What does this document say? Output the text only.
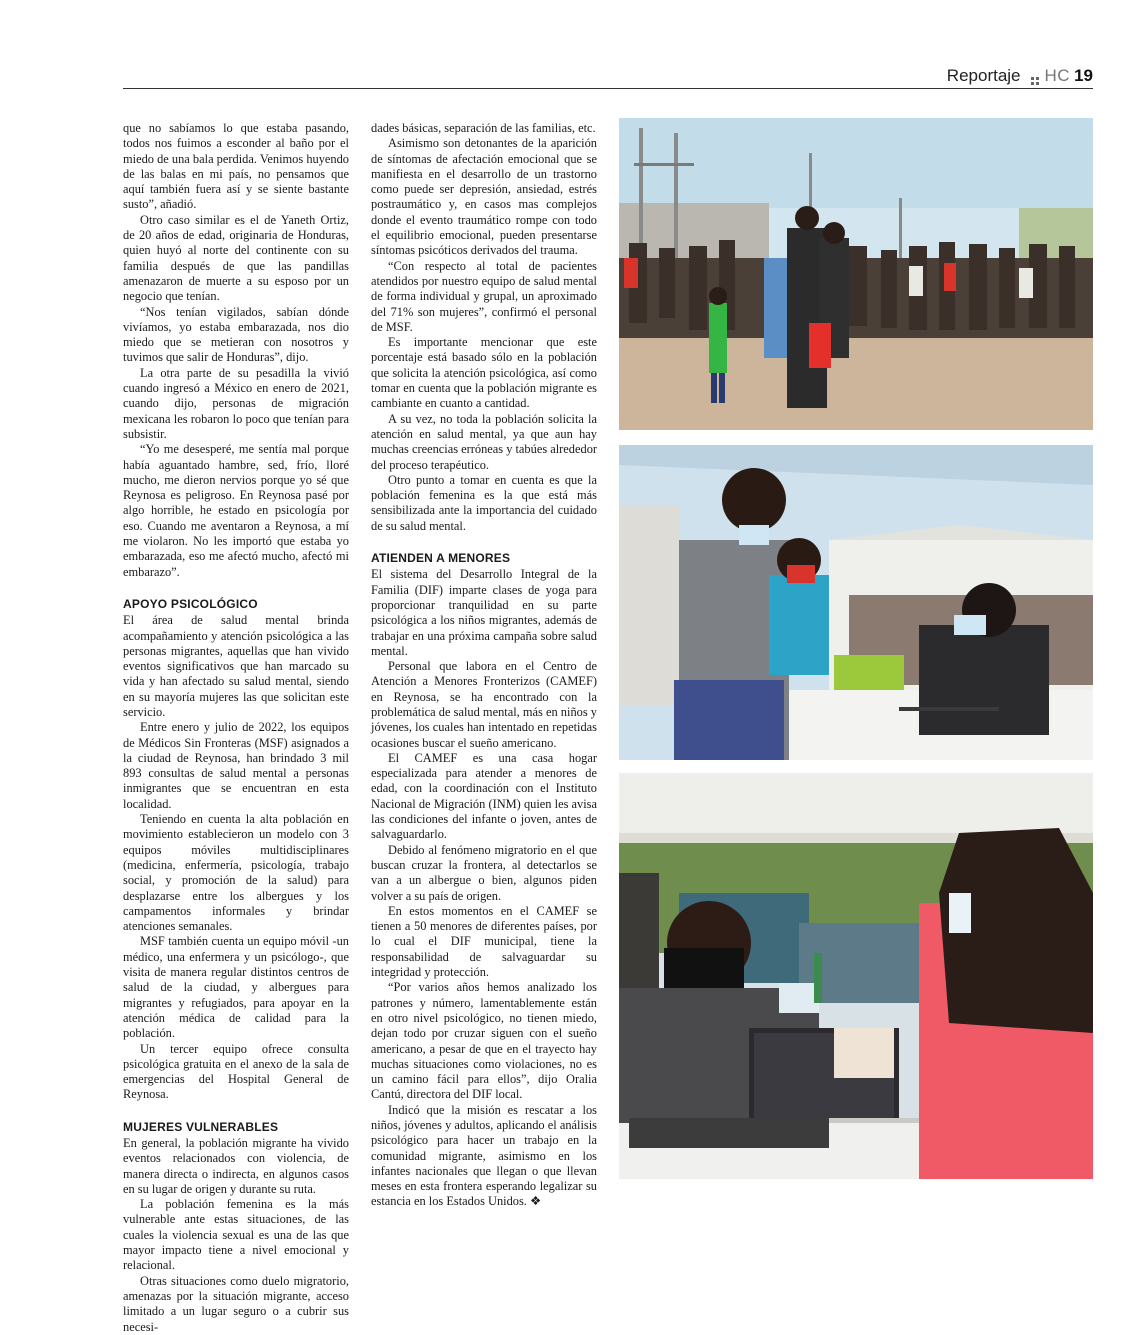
Reportaje HC 19

que no sabíamos lo que estaba pasando, todos nos fuimos a esconder al baño por el miedo de una bala perdida. Venimos huyendo de las balas en mi país, no pensamos que aquí también fuera así y se siente bastante susto”, añadió.

Otro caso similar es el de Yaneth Ortiz, de 20 años de edad, originaria de Honduras, quien huyó al norte del continente con su familia después de que las pandillas amenazaron de muerte a su esposo por un negocio que tenían.

“Nos tenían vigilados, sabían dónde vivíamos, yo estaba embarazada, nos dio miedo que se metieran con nosotros y tuvimos que salir de Honduras”, dijo.

La otra parte de su pesadilla la vivió cuando ingresó a México en enero de 2021, cuando dijo, personas de migración mexicana les robaron lo poco que tenían para subsistir.

“Yo me desesperé, me sentía mal porque había aguantado hambre, sed, frío, lloré mucho, me dieron nervios porque yo sé que Reynosa es peligroso. En Reynosa pasé por algo horrible, he estado en psicología por eso. Cuando me aventaron a Reynosa, a mí me violaron. No les importó que estaba yo embarazada, eso me afectó mucho, afectó mi embarazo”.

APOYO PSICOLÓGICO

El área de salud mental brinda acompañamiento y atención psicológica a las personas migrantes, aquellas que han vivido eventos significativos que han marcado su vida y han afectado su salud mental, siendo en su mayoría mujeres las que solicitan este servicio.

Entre enero y julio de 2022, los equipos de Médicos Sin Fronteras (MSF) asignados a la ciudad de Reynosa, han brindado 3 mil 893 consultas de salud mental a personas inmigrantes que se encuentran en esta localidad.

Teniendo en cuenta la alta población en movimiento establecieron un modelo con 3 equipos móviles multidisciplinares (medicina, enfermería, psicología, trabajo social, y promoción de la salud) para desplazarse entre los albergues y los campamentos informales y brindar atenciones semanales.

MSF también cuenta un equipo móvil -un médico, una enfermera y un psicólogo-, que visita de manera regular distintos centros de salud de la ciudad, y albergues para migrantes y refugiados, para apoyar en la atención médica de calidad para la población.

Un tercer equipo ofrece consulta psicológica gratuita en el anexo de la sala de emergencias del Hospital General de Reynosa.

MUJERES VULNERABLES

En general, la población migrante ha vivido eventos relacionados con violencia, de manera directa o indirecta, en algunos casos en su lugar de origen y durante su ruta.

La población femenina es la más vulnerable ante estas situaciones, de las cuales la violencia sexual es una de las que mayor impacto tiene a nivel emocional y relacional.

Otras situaciones como duelo migratorio, amenazas por la situación migrante, acceso limitado a un lugar seguro o a cubrir sus necesi-

dades básicas, separación de las familias, etc.

Asimismo son detonantes de la aparición de síntomas de afectación emocional que se manifiesta en el desarrollo de un trastorno como puede ser depresión, ansiedad, estrés postraumático y, en casos mas complejos donde el evento traumático rompe con todo el equilibrio emocional, pueden presentarse síntomas psicóticos derivados del trauma.

“Con respecto al total de pacientes atendidos por nuestro equipo de salud mental de forma individual y grupal, un aproximado del 71% son mujeres”, confirmó el personal de MSF.

Es importante mencionar que este porcentaje está basado sólo en la población que solicita la atención psicológica, así como tomar en cuenta que la población migrante es cambiante en cuanto a cantidad.

A su vez, no toda la población solicita la atención en salud mental, ya que aun hay muchas creencias erróneas y tabúes alrededor del proceso terapéutico.

Otro punto a tomar en cuenta es que la población femenina es la que está más sensibilizada ante la importancia del cuidado de su salud mental.

ATIENDEN A MENORES

El sistema del Desarrollo Integral de la Familia (DIF) imparte clases de yoga para proporcionar tranquilidad en su parte psicológica a los niños migrantes, además de trabajar en una próxima campaña sobre salud mental.

Personal que labora en el Centro de Atención a Menores Fronterizos (CAMEF) en Reynosa, se ha encontrado con la problemática de salud mental, más en niños y jóvenes, los cuales han intentado en repetidas ocasiones buscar el sueño americano.

El CAMEF es una casa hogar especializada para atender a menores de edad, con la coordinación con el Instituto Nacional de Migración (INM) quien les avisa las condiciones del infante o joven, antes de salvaguardarlo.

Debido al fenómeno migratorio en el que buscan cruzar la frontera, al detectarlos se van a un albergue o bien, algunos piden volver a su país de origen.

En estos momentos en el CAMEF se tienen a 50 menores de diferentes países, por lo cual el DIF municipal, tiene la responsabilidad de salvaguardar su integridad y protección.

“Por varios años hemos analizado los patrones y número, lamentablemente están en otro nivel psicológico, no tienen miedo, dejan todo por cruzar siguen con el sueño americano, a pesar de que en el trayecto hay muchas situaciones como violaciones, no es un camino fácil para ellos”, dijo Oralia Cantú, directora del DIF local.

Indicó que la misión es rescatar a los niños, jóvenes y adultos, aplicando el análisis psicológico para hacer un trabajo en la comunidad migrante, asimismo en los infantes nacionales que llegan o que llevan meses en esta frontera esperando legalizar su estancia en los Estados Unidos. ❖
